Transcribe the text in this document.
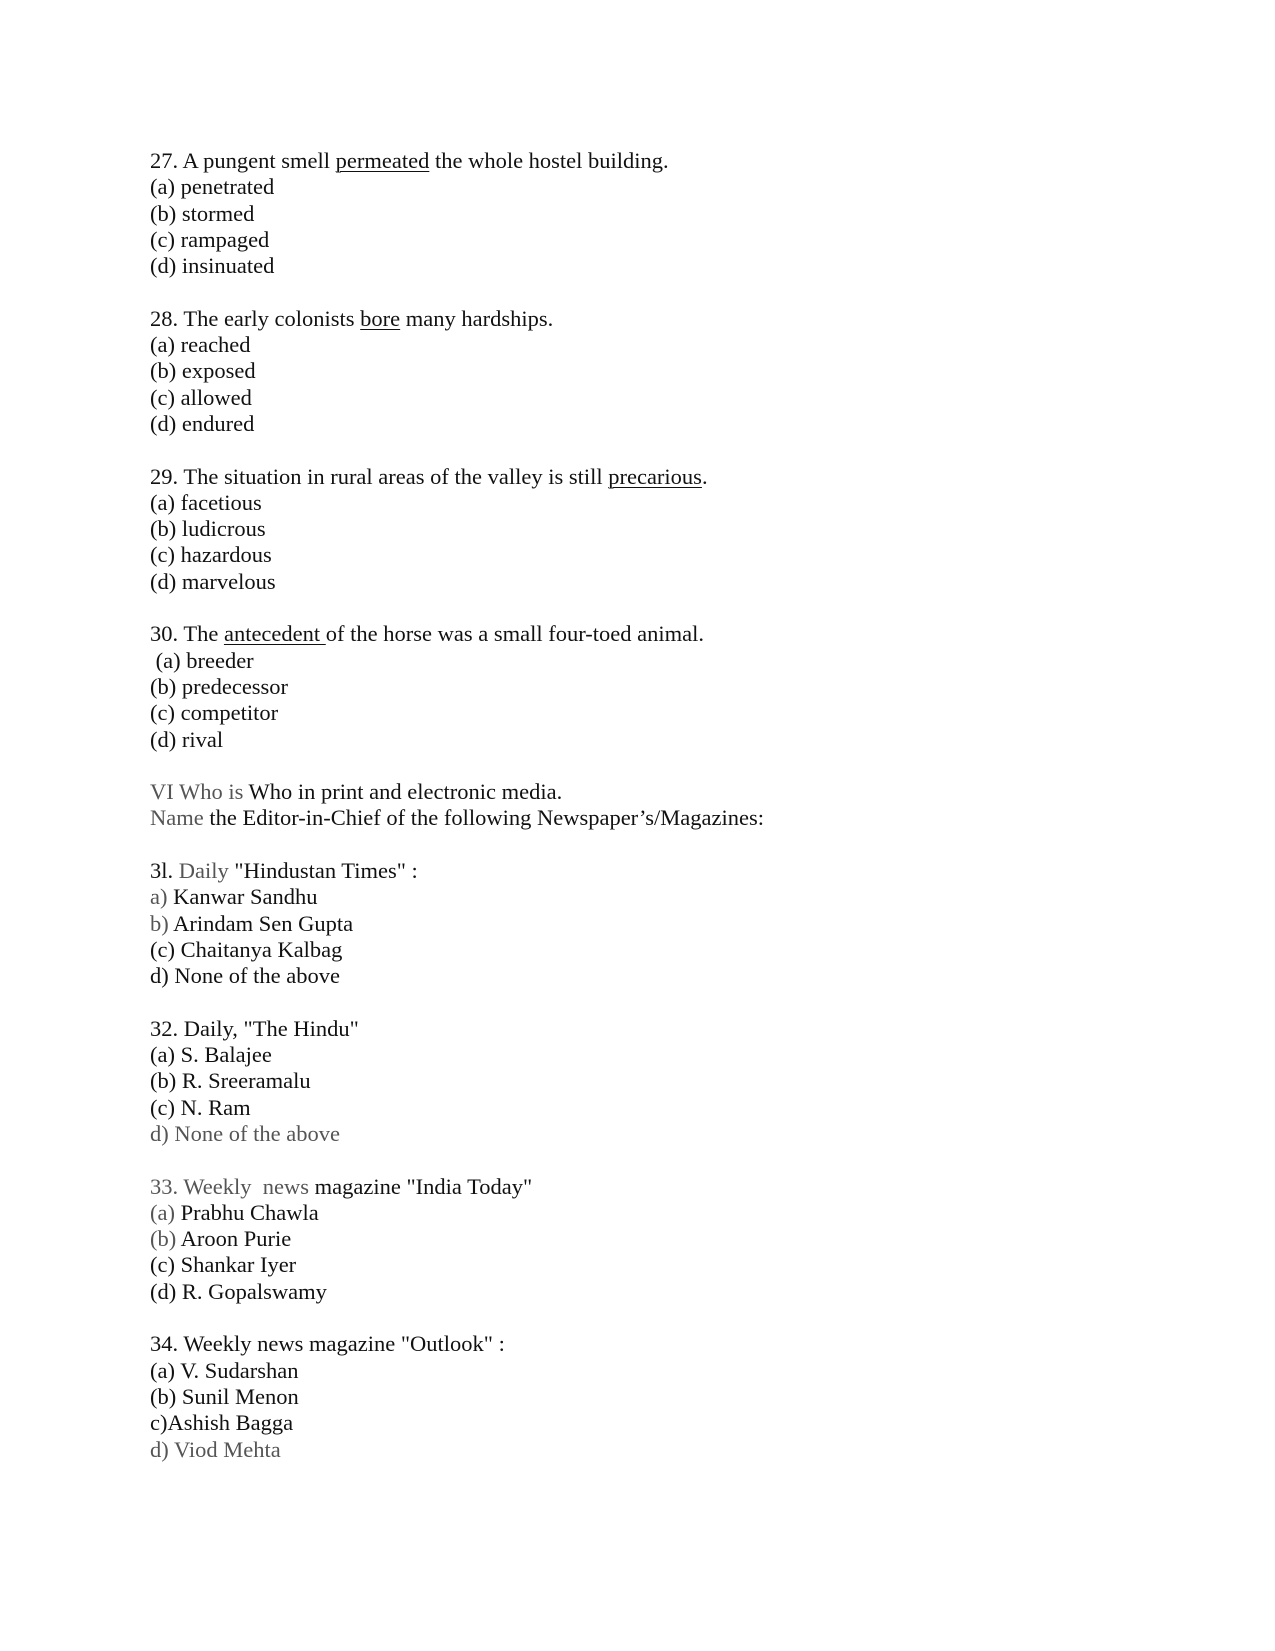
27. A pungent smell permeated the whole hostel building.
(a) penetrated
(b) stormed
(c) rampaged
(d) insinuated
28. The early colonists bore many hardships.
(a) reached
(b) exposed
(c) allowed
(d) endured
29. The situation in rural areas of the valley is still precarious.
(a) facetious
(b) ludicrous
(c) hazardous
(d) marvelous
30. The antecedent of the horse was a small four-toed animal.
(a) breeder
(b) predecessor
(c) competitor
(d) rival
VI Who is Who in print and electronic media.
Name the Editor-in-Chief of the following Newspaper’s/Magazines:
3l. Daily "Hindustan Times" :
a) Kanwar Sandhu
b) Arindam Sen Gupta
(c) Chaitanya Kalbag
d) None of the above
32. Daily, "The Hindu"
(a) S. Balajee
(b) R. Sreeramalu
(c) N. Ram
d) None of the above
33. Weekly  news magazine "India Today"
(a) Prabhu Chawla
(b) Aroon Purie
(c) Shankar Iyer
(d) R. Gopalswamy
34. Weekly news magazine "Outlook" :
(a) V. Sudarshan
(b) Sunil Menon
c)Ashish Bagga
d) Viod Mehta
